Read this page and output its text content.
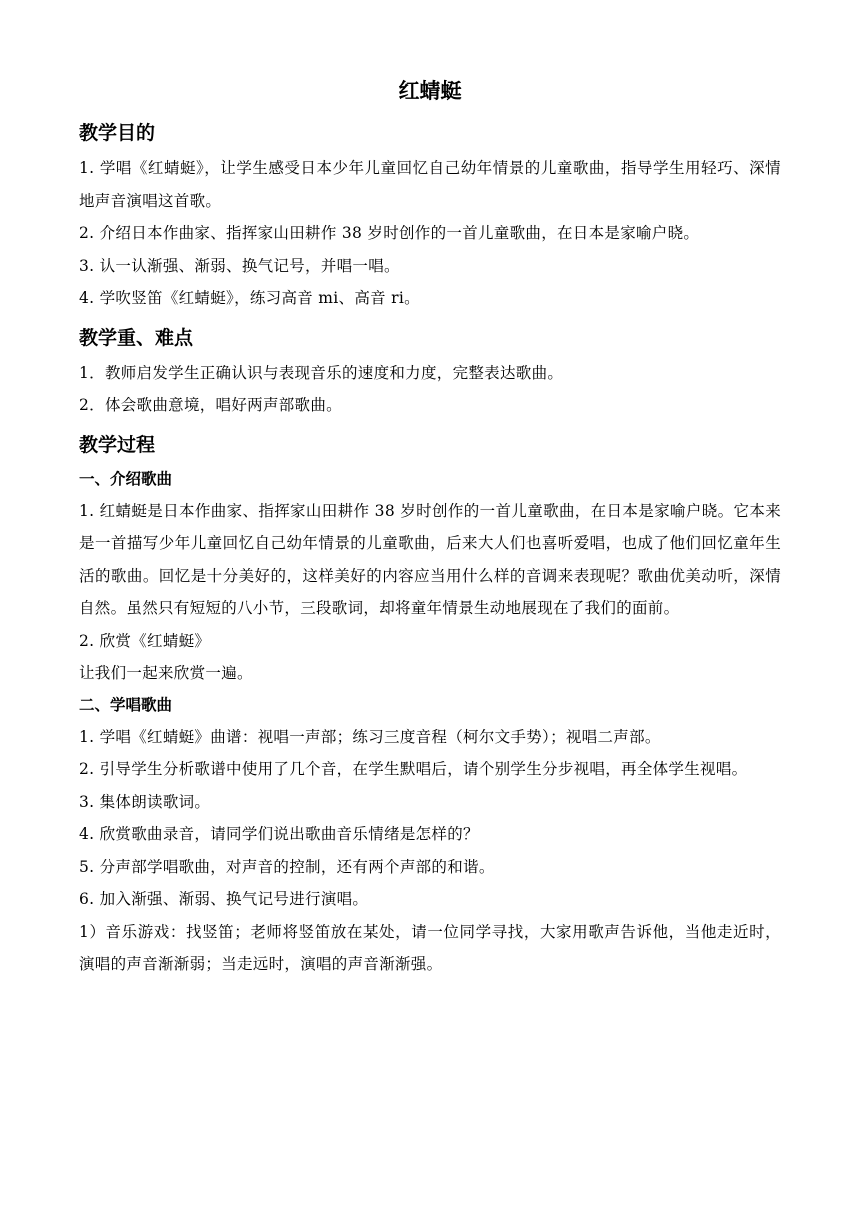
红蜻蜓
教学目的

1. 学唱《红蜻蜓》，让学生感受日本少年儿童回忆自己幼年情景的儿童歌曲，指导学生用轻巧、深情地声音演唱这首歌。

2. 介绍日本作曲家、指挥家山田耕作 38 岁时创作的一首儿童歌曲，在日本是家喻户晓。

3. 认一认渐强、渐弱、换气记号，并唱一唱。

4. 学吹竖笛《红蜻蜓》，练习高音 mi、高音 ri。

教学重、难点

1．教师启发学生正确认识与表现音乐的速度和力度，完整表达歌曲。

2．体会歌曲意境，唱好两声部歌曲。

教学过程
一、介绍歌曲

1. 红蜻蜓是日本作曲家、指挥家山田耕作 38 岁时创作的一首儿童歌曲，在日本是家喻户晓。它本来是一首描写少年儿童回忆自己幼年情景的儿童歌曲，后来大人们也喜听爱唱，也成了他们回忆童年生活的歌曲。回忆是十分美好的，这样美好的内容应当用什么样的音调来表现呢？歌曲优美动听，深情自然。虽然只有短短的八小节，三段歌词，却将童年情景生动地展现在了我们的面前。

2. 欣赏《红蜻蜓》

让我们一起来欣赏一遍。

二、学唱歌曲

1. 学唱《红蜻蜓》曲谱：视唱一声部；练习三度音程（柯尔文手势）；视唱二声部。

2. 引导学生分析歌谱中使用了几个音，在学生默唱后，请个别学生分步视唱，再全体学生视唱。

3. 集体朗读歌词。

4. 欣赏歌曲录音，请同学们说出歌曲音乐情绪是怎样的？

5. 分声部学唱歌曲，对声音的控制，还有两个声部的和谐。

6. 加入渐强、渐弱、换气记号进行演唱。

1）音乐游戏：找竖笛；老师将竖笛放在某处，请一位同学寻找，大家用歌声告诉他，当他走近时，演唱的声音渐渐弱；当走远时，演唱的声音渐渐强。
